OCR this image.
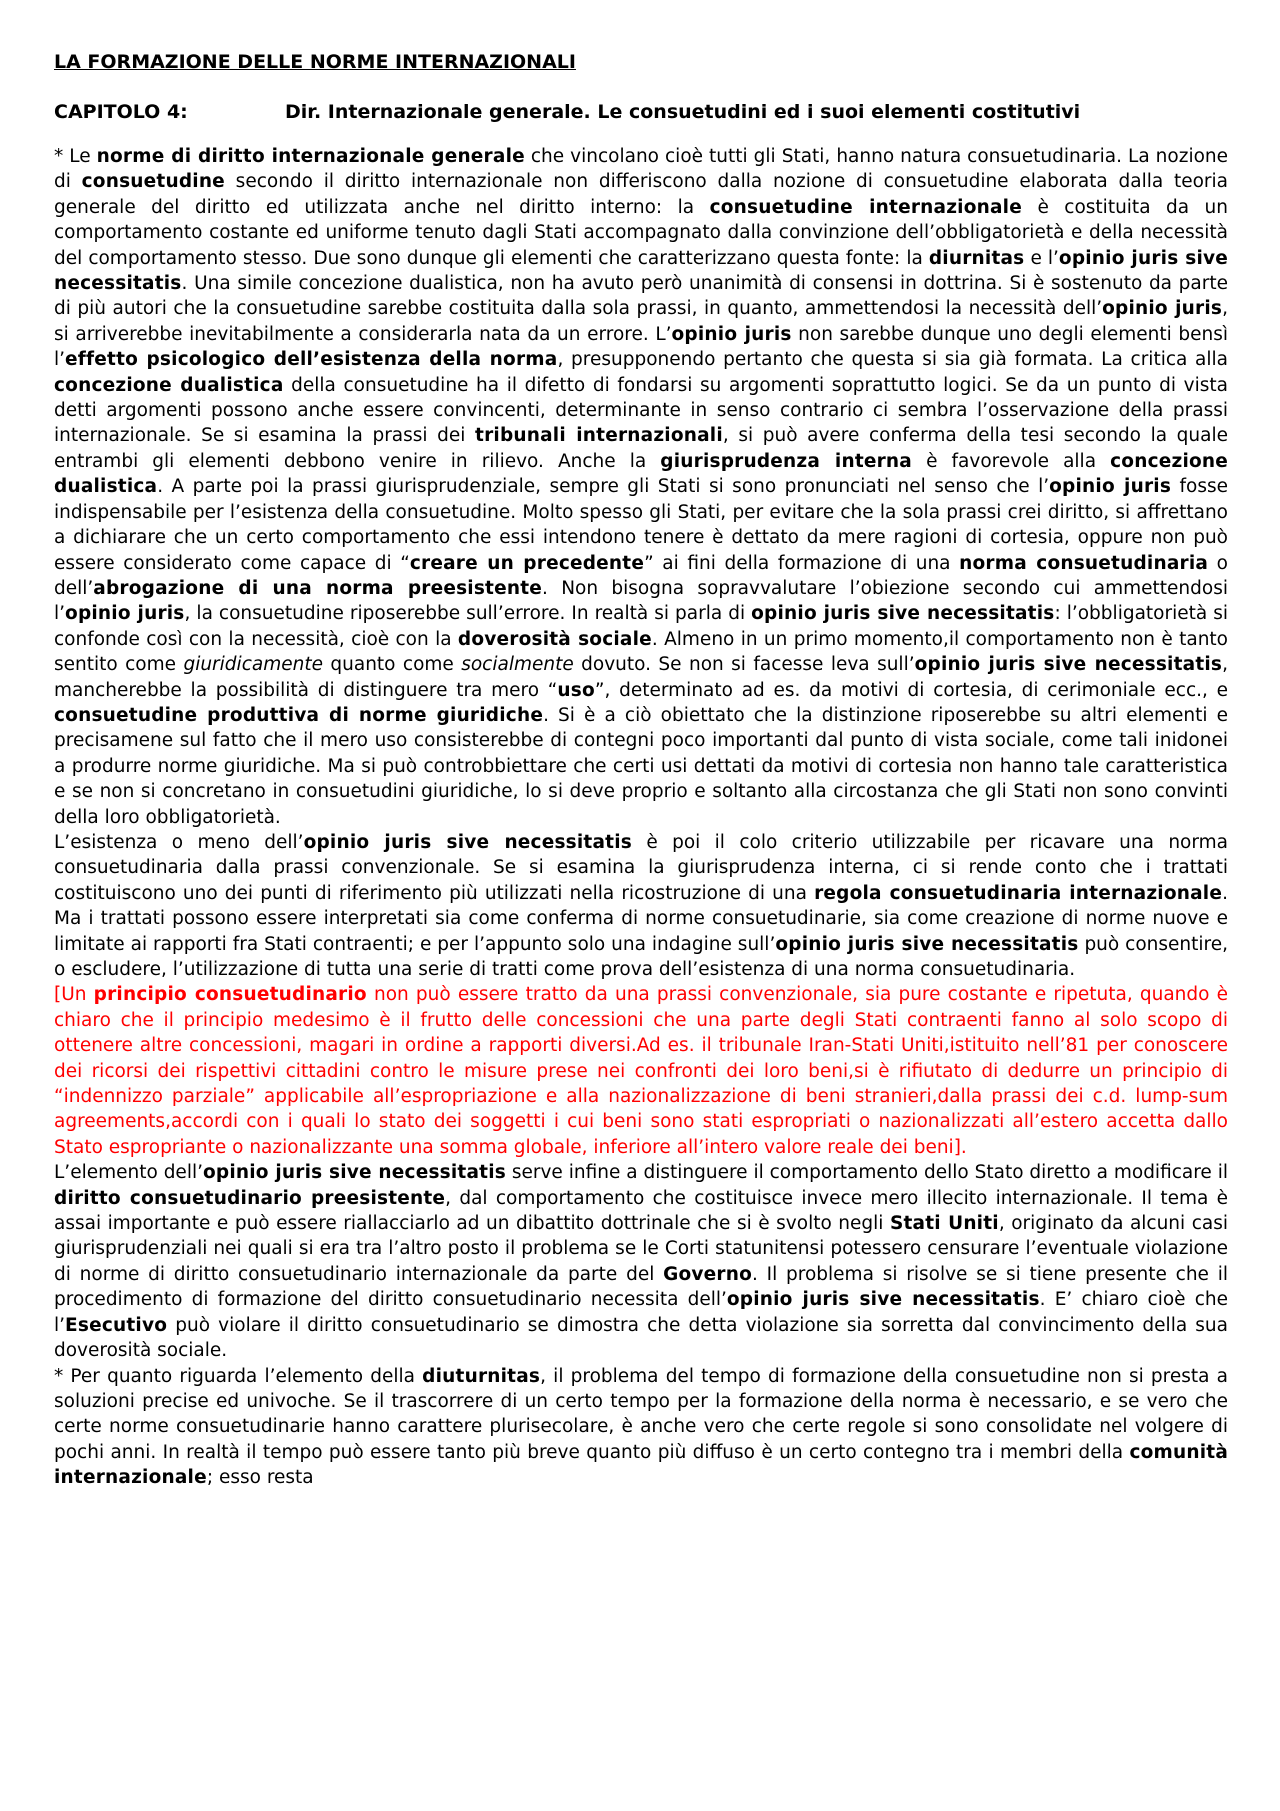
LA FORMAZIONE DELLE NORME INTERNAZIONALI
CAPITOLO 4:	Dir. Internazionale generale. Le consuetudini ed i suoi elementi costitutivi

* Le norme di diritto internazionale generale che vincolano cioè tutti gli Stati, hanno natura consuetudinaria. La nozione di consuetudine secondo il diritto internazionale non differiscono dalla nozione di consuetudine elaborata dalla teoria generale del diritto ed utilizzata anche nel diritto interno: la consuetudine internazionale è costituita da un comportamento costante ed uniforme tenuto dagli Stati accompagnato dalla convinzione dell’obbligatorietà e della necessità del comportamento stesso. Due sono dunque gli elementi che caratterizzano questa fonte: la diurnitas e l’opinio juris sive necessitatis. Una simile concezione dualistica, non ha avuto però unanimità di consensi in dottrina. Si è sostenuto da parte di più autori che la consuetudine sarebbe costituita dalla sola prassi, in quanto, ammettendosi la necessità dell’opinio juris, si arriverebbe inevitabilmente a considerarla nata da un errore. L’opinio juris non sarebbe dunque uno degli elementi bensì l’effetto psicologico dell’esistenza della norma, presupponendo pertanto che questa si sia già formata. La critica alla concezione dualistica della consuetudine ha il difetto di fondarsi su argomenti soprattutto logici. Se da un punto di vista detti argomenti possono anche essere convincenti, determinante in senso contrario ci sembra l’osservazione della prassi internazionale. Se si esamina la prassi dei tribunali internazionali, si può avere conferma della tesi secondo la quale entrambi gli elementi debbono venire in rilievo. Anche la giurisprudenza interna è favorevole alla concezione dualistica. A parte poi la prassi giurisprudenziale, sempre gli Stati si sono pronunciati nel senso che l’opinio juris fosse indispensabile per l’esistenza della consuetudine. Molto spesso gli Stati, per evitare che la sola prassi crei diritto, si affrettano a dichiarare che un certo comportamento che essi intendono tenere è dettato da mere ragioni di cortesia, oppure non può essere considerato come capace di “creare un precedente” ai fini della formazione di una norma consuetudinaria o dell’abrogazione di una norma preesistente. Non bisogna sopravvalutare l’obiezione secondo cui ammettendosi l’opinio juris, la consuetudine riposerebbe sull’errore. In realtà si parla di opinio juris sive necessitatis: l’obbligatorietà si confonde così con la necessità, cioè con la doverosità sociale. Almeno in un primo momento,il comportamento non è tanto sentito come giuridicamente quanto come socialmente dovuto. Se non si facesse leva sull’opinio juris sive necessitatis, mancherebbe la possibilità di distinguere tra mero “uso”, determinato ad es. da motivi di cortesia, di cerimoniale ecc., e consuetudine produttiva di norme giuridiche. Si è a ciò obiettato che la distinzione riposerebbe su altri elementi e precisamene sul fatto che il mero uso consisterebbe di contegni poco importanti dal punto di vista sociale, come tali inidonei a produrre norme giuridiche. Ma si può controbbiettare che certi usi dettati da motivi di cortesia non hanno tale caratteristica e se non si concretano in consuetudini giuridiche, lo si deve proprio e soltanto alla circostanza che gli Stati non sono convinti della loro obbligatorietà.

L’esistenza o meno dell’opinio juris sive necessitatis è poi il colo criterio utilizzabile per ricavare una norma consuetudinaria dalla prassi convenzionale. Se si esamina la giurisprudenza interna, ci si rende conto che i trattati costituiscono uno dei punti di riferimento più utilizzati nella ricostruzione di una regola consuetudinaria internazionale. Ma i trattati possono essere interpretati sia come conferma di norme consuetudinarie, sia come creazione di norme nuove e limitate ai rapporti fra Stati contraenti; e per l’appunto solo una indagine sull’opinio juris sive necessitatis può consentire, o escludere, l’utilizzazione di tutta una serie di tratti come prova dell’esistenza di una norma consuetudinaria.

[Un principio consuetudinario non può essere tratto da una prassi convenzionale, sia pure costante e ripetuta, quando è chiaro che il principio medesimo è il frutto delle concessioni che una parte degli Stati contraenti fanno al solo scopo di ottenere altre concessioni, magari in ordine a rapporti diversi.Ad es. il tribunale Iran-Stati Uniti,istituito nell’81 per conoscere dei ricorsi dei rispettivi cittadini contro le misure prese nei confronti dei loro beni,si è rifiutato di dedurre un principio di “indennizzo parziale” applicabile all’espropriazione e alla nazionalizzazione di beni stranieri,dalla prassi dei c.d. lump-sum agreements,accordi con i quali lo stato dei soggetti i cui beni sono stati espropriati o nazionalizzati all’estero accetta dallo Stato espropriante o nazionalizzante una somma globale, inferiore all’intero valore reale dei beni].

L’elemento dell’opinio juris sive necessitatis serve infine a distinguere il comportamento dello Stato diretto a modificare il diritto consuetudinario preesistente, dal comportamento che costituisce invece mero illecito internazionale. Il tema è assai importante e può essere riallacciarlo ad un dibattito dottrinale che si è svolto negli Stati Uniti, originato da alcuni casi giurisprudenziali nei quali si era tra l’altro posto il problema se le Corti statunitensi potessero censurare l’eventuale violazione di norme di diritto consuetudinario internazionale da parte del Governo. Il problema si risolve se si tiene presente che il procedimento di formazione del diritto consuetudinario necessita dell’opinio juris sive necessitatis. E’ chiaro cioè che l’Esecutivo può violare il diritto consuetudinario se dimostra che detta violazione sia sorretta dal convincimento della sua doverosità sociale.

* Per quanto riguarda l’elemento della diuturnitas, il problema del tempo di formazione della consuetudine non si presta a soluzioni precise ed univoche. Se il trascorrere di un certo tempo per la formazione della norma è necessario, e se vero che certe norme consuetudinarie hanno carattere plurisecolare, è anche vero che certe regole si sono consolidate nel volgere di pochi anni. In realtà il tempo può essere tanto più breve quanto più diffuso è un certo contegno tra i membri della comunità internazionale; esso resta
